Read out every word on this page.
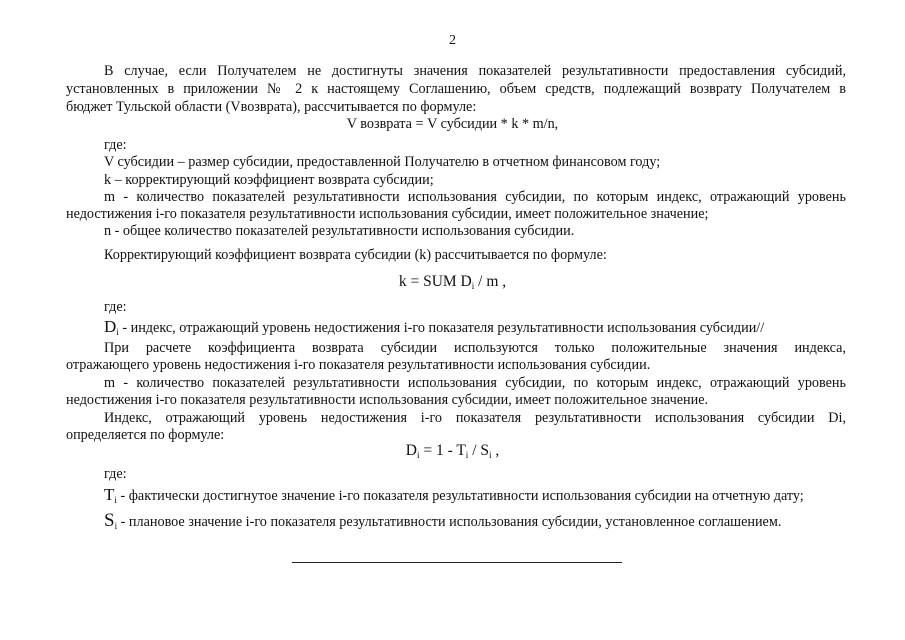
2
В случае, если Получателем не достигнуты значения показателей результативности предоставления субсидий,
установленных в приложении № 2 к настоящему Соглашению, объем средств, подлежащий возврату Получателем в
бюджет Тульской области (Vвозврата), рассчитывается по формуле:
V возврата = V субсидии * k * m/n,
где:
V субсидии – размер субсидии, предоставленной Получателю в отчетном финансовом году;
k – корректирующий коэффициент возврата субсидии;
m - количество показателей результативности использования субсидии, по которым индекс, отражающий уровень
недостижения i-го показателя результативности использования субсидии, имеет положительное значение;
n - общее количество показателей результативности использования субсидии.
Корректирующий коэффициент возврата субсидии (k) рассчитывается по формуле:
k = SUM $D_i$ / m ,
где:
$D_i$ - индекс, отражающий уровень недостижения i-го показателя результативности использования субсидии//
При расчете коэффициента возврата субсидии используются только положительные значения индекса,
отражающего уровень недостижения i-го показателя результативности использования субсидии.
m - количество показателей результативности использования субсидии, по которым индекс, отражающий уровень
недостижения i-го показателя результативности использования субсидии, имеет положительное значение.
Индекс, отражающий уровень недостижения i-го показателя результативности использования субсидии Di,
определяется по формуле:
$D_i = 1 - T_i / S_i$ ,
где:
$T_i$ - фактически достигнутое значение i-го показателя результативности использования субсидии на отчетную дату;
$S_i$ - плановое значение i-го показателя результативности использования субсидии, установленное соглашением.
